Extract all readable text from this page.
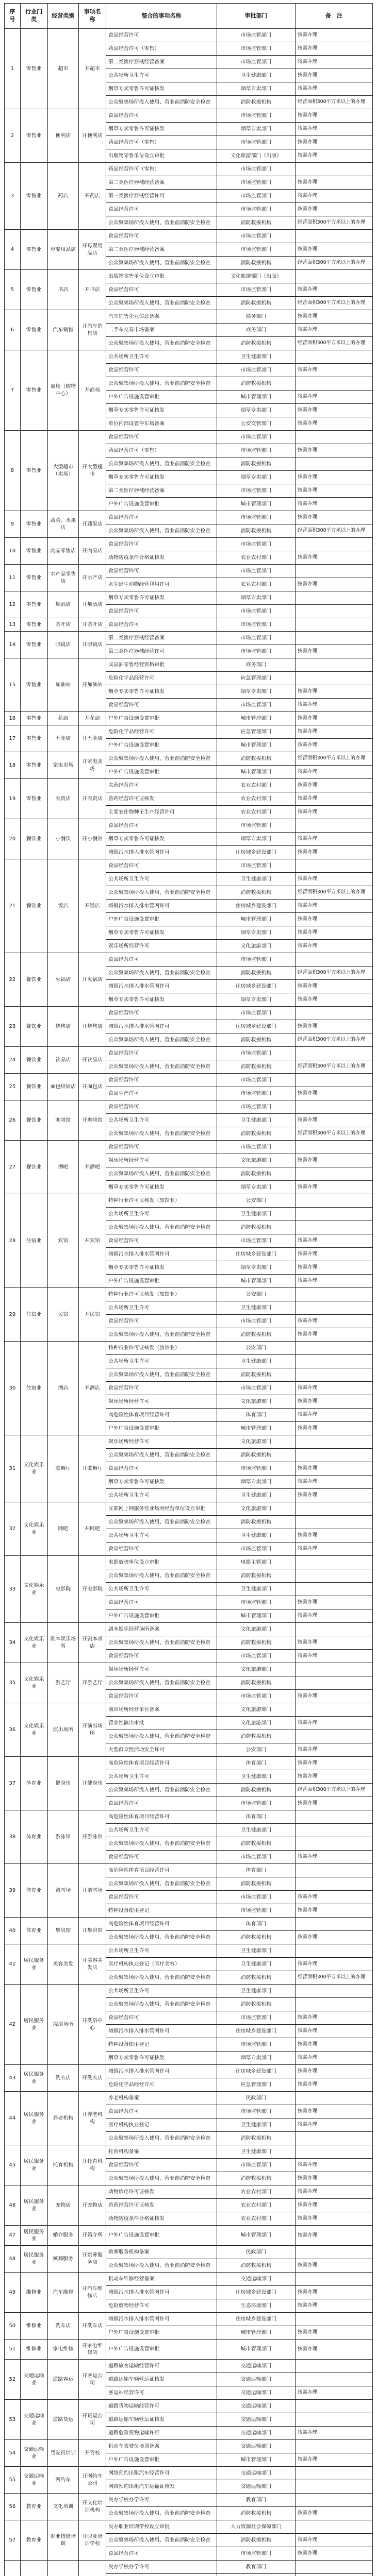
序号	行业门类	经营类别	事项名称	整合的事项名称	审批部门	备　注
1	零售业	超市	开超市	食品经营许可	市场监管部门	按需办理
				药品经营许可（零售）	市场监管部门	按需办理
				第二类医疗器械经营备案	市场监管部门	按需办理
				公共场所卫生许可	卫生健康部门	按需办理
				烟草专卖零售许可证核发	烟草专卖部门	按需办理
				公众聚集场所投入使用、营业前消防安全检查	消防救援机构	经营面积300平方米以上的办理
2	零售业	便利店	开便利店	食品经营许可	市场监管部门	按需办理
				烟草专卖零售许可证核发	烟草专卖部门	按需办理
				药品经营许可（零售）	市场监管部门	按需办理
				出版物零售单位设立审批	文化旅游部门（出版）	按需办理
3	零售业	药店	开药店	药品经营许可（零售）	市场监管部门	
				第二类医疗器械经营备案	市场监管部门	按需办理
				第三类医疗器械经营许可	市场监管部门	按需办理
				食品经营许可	市场监管部门	按需办理
				公众聚集场所投入使用、营业前消防安全检查	消防救援机构	经营面积300平方米以上的办理
4	零售业	母婴用品店	开母婴用品店	食品经营许可	市场监管部门	
				第二类医疗器械经营备案	市场监管部门	按需办理
				公众聚集场所投入使用、营业前消防安全检查	消防救援机构	经营面积300平方米以上的办理
5	零售业	书店	开书店	出版物零售单位设立审批	文化旅游部门（出版）	
				食品经营许可	市场监管部门	按需办理
				公众聚集场所投入使用、营业前消防安全检查	消防救援机构	经营面积300平方米以上的办理
6	零售业	汽车销售	开汽车销售店	汽车销售企业信息备案	商务部门	按需办理
				二手车交易市场备案	商务部门	按需办理
				公众聚集场所投入使用、营业前消防安全检查	消防救援机构	经营面积300平方米以上的办理
7	零售业	商场（购物中心）	开商场	公共场所卫生许可	卫生健康部门	
				食品经营许可	市场监管部门	按需办理
				公众聚集场所投入使用、营业前消防安全检查	消防救援机构	
				户外广告设施设置审批	城市管理部门	按需办理
				烟草专卖零售许可证核发	烟草专卖部门	按需办理
				单位内部设置停车场备案	公安交管部门	按需办理
8	零售业	大型超市（卖场）	开大型超市	食品经营许可	市场监管部门	
				药品经营许可（零售）	市场监管部门	按需办理
				公众聚集场所投入使用、营业前消防安全检查	消防救援机构	
				烟草专卖零售许可证核发	烟草专卖部门	按需办理
				第二类医疗器械经营备案	市场监管部门	按需办理
				户外广告设施设置审批	城市管理部门	按需办理
9	零售业	蔬菜、水果店	开蔬果店	食品经营许可	市场监管部门	按需办理
				公众聚集场所投入使用、营业前消防安全检查	消防救援机构	经营面积300平方米以上的办理
10	零售业	肉品零售店	开肉品店	食品经营许可	市场监管部门	
				动物防疫条件合格证核发	农业农村部门	按需办理
11	零售业	水产品零售店	开水产店	食品经营许可	市场监管部门	
				水生野生动物经营利用许可	农业农村部门	按需办理
12	零售业	烟酒店	开烟酒店	烟草专卖零售许可证核发	烟草专卖部门	
				食品经营许可	市场监管部门	
13	零售业	茶叶店	开茶叶店	食品经营许可	市场监管部门	
14	零售业	眼镜店	开眼镜店	第二类医疗器械经营备案	市场监管部门	
				第三类医疗器械经营许可	市场监管部门	按需办理
15	零售业	加油站	开加油站	成品油零售经营资格审批	商务部门	
				危险化学品经营许可	应急管理部门	
				烟草专卖零售许可证核发	烟草专卖部门	按需办理
				食品经营许可	市场监管部门	按需办理
16	零售业	花店	开花店	户外广告设施设置审批	城市管理部门	按需办理
17	零售业	五金店	开五金店	危险化学品经营许可	应急管理部门	按需办理
				户外广告设施设置审批	城市管理部门	按需办理
18	零售业	家电卖场	开家电卖场	公众聚集场所投入使用、营业前消防安全检查	消防救援机构	经营面积300平方米以上的办理
				户外广告设施设置审批	城市管理部门	按需办理
19	零售业	农资店	开农资店	农药经营许可	农业农村部门	按需办理
				兽药经营许可证核发	农业农村部门	按需办理
				主要农作物种子生产经营许可	农业农村部门	按需办理
20	餐饮业	小餐饮	开小餐馆	食品经营许可	市场监管部门	
				烟草专卖零售许可证核发	烟草专卖部门	按需办理
				城镇污水排入排水管网许可	住房城乡建设部门	按需办理
21	餐饮业	饭店	开饭店	食品经营许可	市场监管部门	
				公共场所卫生许可	卫生健康部门	按需办理
				公众聚集场所投入使用、营业前消防安全检查	消防救援机构	经营面积300平方米以上的办理
				城镇污水排入排水管网许可	住房城乡建设部门	按需办理
				户外广告设施设置审批	城市管理部门	按需办理
				烟草专卖零售许可证核发	烟草专卖部门	按需办理
				娱乐场所经营许可	文化旅游部门	按需办理
22	餐饮业	火锅店	开火锅店	食品经营许可	市场监管部门	
				公众聚集场所投入使用、营业前消防安全检查	消防救援机构	经营面积300平方米以上的办理
				城镇污水排入排水管网许可	住房城乡建设部门	按需办理
				烟草专卖零售许可证核发	烟草专卖部门	按需办理
23	餐饮业	烧烤店	开烧烤店	食品经营许可	市场监管部门	
				城镇污水排入排水管网许可	住房城乡建设部门	按需办理
				公众聚集场所投入使用、营业前消防安全检查	消防救援机构	经营面积300平方米以上的办理
24	餐饮业	饮品店	开饮品店	食品经营许可	市场监管部门	
				公众聚集场所投入使用、营业前消防安全检查	消防救援机构	经营面积300平方米以上的办理
25	餐饮业	面包烘焙店	开面包店	食品经营许可	市场监管部门	
				食品生产许可	市场监管部门	按需办理
26	餐饮业	咖啡馆	开咖啡馆	食品经营许可	市场监管部门	
				公共场所卫生许可	卫生健康部门	按需办理
				公众聚集场所投入使用、营业前消防安全检查	消防救援机构	经营面积300平方米以上的办理
27	餐饮业	酒吧	开酒吧	食品经营许可	市场监管部门	
				娱乐场所经营许可	文化旅游部门	按需办理
				公众聚集场所投入使用、营业前消防安全检查	消防救援机构	
				烟草专卖零售许可证核发	烟草专卖部门	按需办理
28	住宿业	宾馆	开宾馆	特种行业许可证核发（旅馆业）	公安部门	
				公共场所卫生许可	卫生健康部门	
				公众聚集场所投入使用、营业前消防安全检查	消防救援机构	
				食品经营许可	市场监管部门	按需办理
				城镇污水排入排水管网许可	住房城乡建设部门	按需办理
				烟草专卖零售许可证核发	烟草专卖部门	按需办理
				户外广告设施设置审批	城市管理部门	按需办理
29	住宿业	民宿	开民宿	特种行业许可证核发（旅馆业）	公安部门	
				公共场所卫生许可	卫生健康部门	
				食品经营许可	市场监管部门	按需办理
				公众聚集场所投入使用、营业前消防安全检查	消防救援机构	按需办理
30	住宿业	酒店	开酒店	特种行业许可证核发（旅馆业）	公安部门	
				公共场所卫生许可	卫生健康部门	
				公众聚集场所投入使用、营业前消防安全检查	消防救援机构	
				食品经营许可	市场监管部门	按需办理
				娱乐场所经营许可	文化旅游部门	按需办理
				高危险性体育项目经营许可	体育部门	按需办理
				户外广告设施设置审批	城市管理部门	按需办理
31	文化娱乐业	歌舞厅	开歌舞厅	娱乐场所经营许可	文化旅游部门	
				公众聚集场所投入使用、营业前消防安全检查	消防救援机构	
				食品经营许可	市场监管部门	按需办理
				烟草专卖零售许可证核发	烟草专卖部门	按需办理
				公共场所卫生许可	卫生健康部门	按需办理
32	文化娱乐业	网吧	开网吧	互联网上网服务营业场所经营单位设立审批	文化旅游部门	
				公众聚集场所投入使用、营业前消防安全检查	消防救援机构	
				公共场所卫生许可	卫生健康部门	按需办理
				食品经营许可	市场监管部门	按需办理
33	文化娱乐业	电影院	开电影院	电影放映单位设立审批	电影主管部门	
				公众聚集场所投入使用、营业前消防安全检查	消防救援机构	
				公共场所卫生许可	卫生健康部门	
				食品经营许可	市场监管部门	按需办理
				户外广告设施设置审批	城市管理部门	按需办理
34	文化娱乐业	剧本娱乐场所	开剧本杀店	剧本娱乐经营场所备案	文化旅游部门	
				公众聚集场所投入使用、营业前消防安全检查	消防救援机构	按需办理
				食品经营许可	市场监管部门	按需办理
35	文化娱乐业	游艺厅	开游艺厅	娱乐场所经营许可	文化旅游部门	
				公众聚集场所投入使用、营业前消防安全检查	消防救援机构	
				食品经营许可	市场监管部门	按需办理
36	文化娱乐业	演出场所	开演出场所	演出场所经营单位备案	文化旅游部门	
				营业性演出审批	文化旅游部门	按需办理
				公众聚集场所投入使用、营业前消防安全检查	消防救援机构	
				大型群众性活动安全许可	公安部门	按需办理
37	体育业	健身房	开健身房	高危险性体育项目经营许可	体育部门	按需办理
				公共场所卫生许可	卫生健康部门	按需办理
				公众聚集场所投入使用、营业前消防安全检查	消防救援机构	经营面积300平方米以上的办理
				食品经营许可	市场监管部门	按需办理
38	体育业	游泳馆	开游泳馆	高危险性体育项目经营许可	体育部门	
				公共场所卫生许可	卫生健康部门	
				公众聚集场所投入使用、营业前消防安全检查	消防救援机构	
				食品经营许可	市场监管部门	按需办理
39	体育业	滑雪场	开滑雪场	高危险性体育项目经营许可	体育部门	
				公众聚集场所投入使用、营业前消防安全检查	消防救援机构	
				食品经营许可	市场监管部门	按需办理
				特种设备使用登记	市场监管部门	按需办理
40	体育业	攀岩馆	开攀岩馆	高危险性体育项目经营许可	体育部门	
				公众聚集场所投入使用、营业前消防安全检查	消防救援机构	按需办理
41	居民服务业	美容美发	开美容美发店	公共场所卫生许可	卫生健康部门	
				医疗机构执业登记（医疗美容）	卫生健康部门	按需办理
				公众聚集场所投入使用、营业前消防安全检查	消防救援机构	经营面积300平方米以上的办理
42	居民服务业	洗浴场所	开洗浴中心	公共场所卫生许可	卫生健康部门	
				公众聚集场所投入使用、营业前消防安全检查	消防救援机构	
				食品经营许可	市场监管部门	按需办理
				城镇污水排入排水管网许可	住房城乡建设部门	按需办理
				特种设备使用登记	市场监管部门	按需办理
				烟草专卖零售许可证核发	烟草专卖部门	按需办理
43	居民服务业	洗衣店	开洗衣店	城镇污水排入排水管网许可	住房城乡建设部门	按需办理
				危险化学品经营许可	应急管理部门	按需办理
44	居民服务业	养老机构	开养老机构	养老机构备案	民政部门	
				食品经营许可	市场监管部门	按需办理
				医疗机构执业登记	卫生健康部门	按需办理
				公众聚集场所投入使用、营业前消防安全检查	消防救援机构	
45	居民服务业	托育机构	开托育机构	托育机构备案	卫生健康部门	
				食品经营许可	市场监管部门	按需办理
				公众聚集场所投入使用、营业前消防安全检查	消防救援机构	按需办理
46	居民服务业	宠物店	开宠物店	动物诊疗许可证核发	农业农村部门	按需办理
				兽药经营许可证核发	农业农村部门	按需办理
				动物防疫条件合格证核发	农业农村部门	按需办理
47	居民服务业	婚介服务	开婚介所	户外广告设施设置审批	城市管理部门	按需办理
48	居民服务业	殡葬服务	开殡葬服务店	殡葬服务机构备案	民政部门	
				公众聚集场所投入使用、营业前消防安全检查	消防救援机构	按需办理
49	维修业	汽车维修	开汽车维修店	机动车维修经营备案	交通运输部门	
				城镇污水排入排水管网许可	住房城乡建设部门	按需办理
				危险废物经营许可	生态环境部门	按需办理
50	维修业	洗车店	开洗车店	城镇污水排入排水管网许可	住房城乡建设部门	
				户外广告设施设置审批	城市管理部门	按需办理
51	维修业	家电维修	开家电维修店	户外广告设施设置审批	城市管理部门	按需办理
52	交通运输业	道路客运	开客运公司	道路旅客运输经营许可	交通运输部门	
				道路运输车辆营运证核发	交通运输部门	
				客运站经营许可	交通运输部门	按需办理
53	交通运输业	道路货运	开货运公司	道路货物运输经营许可	交通运输部门	
				道路运输车辆营运证核发	交通运输部门	
				道路危险货物运输许可	交通运输部门	按需办理
54	交通运输业	驾驶员培训	开驾校	机动车驾驶员培训备案	交通运输部门	
				户外广告设施设置审批	城市管理部门	按需办理
55	交通运输业	网约车	开网约车公司	网络预约出租汽车经营许可	交通运输部门	
				网络预约出租汽车运输证核发	交通运输部门	
56	教育业	文化培训	开文化培训机构	民办学校办学许可	教育部门	
				公众聚集场所投入使用、营业前消防安全检查	消防救援机构	按需办理
57	教育业	职业技能培训	开职业培训学校	民办职业培训学校设立审批	人力资源社会保障部门	
				公众聚集场所投入使用、营业前消防安全检查	消防救援机构	按需办理
				食品经营许可	市场监管部门	按需办理
				民办学校办学许可	教育部门	
